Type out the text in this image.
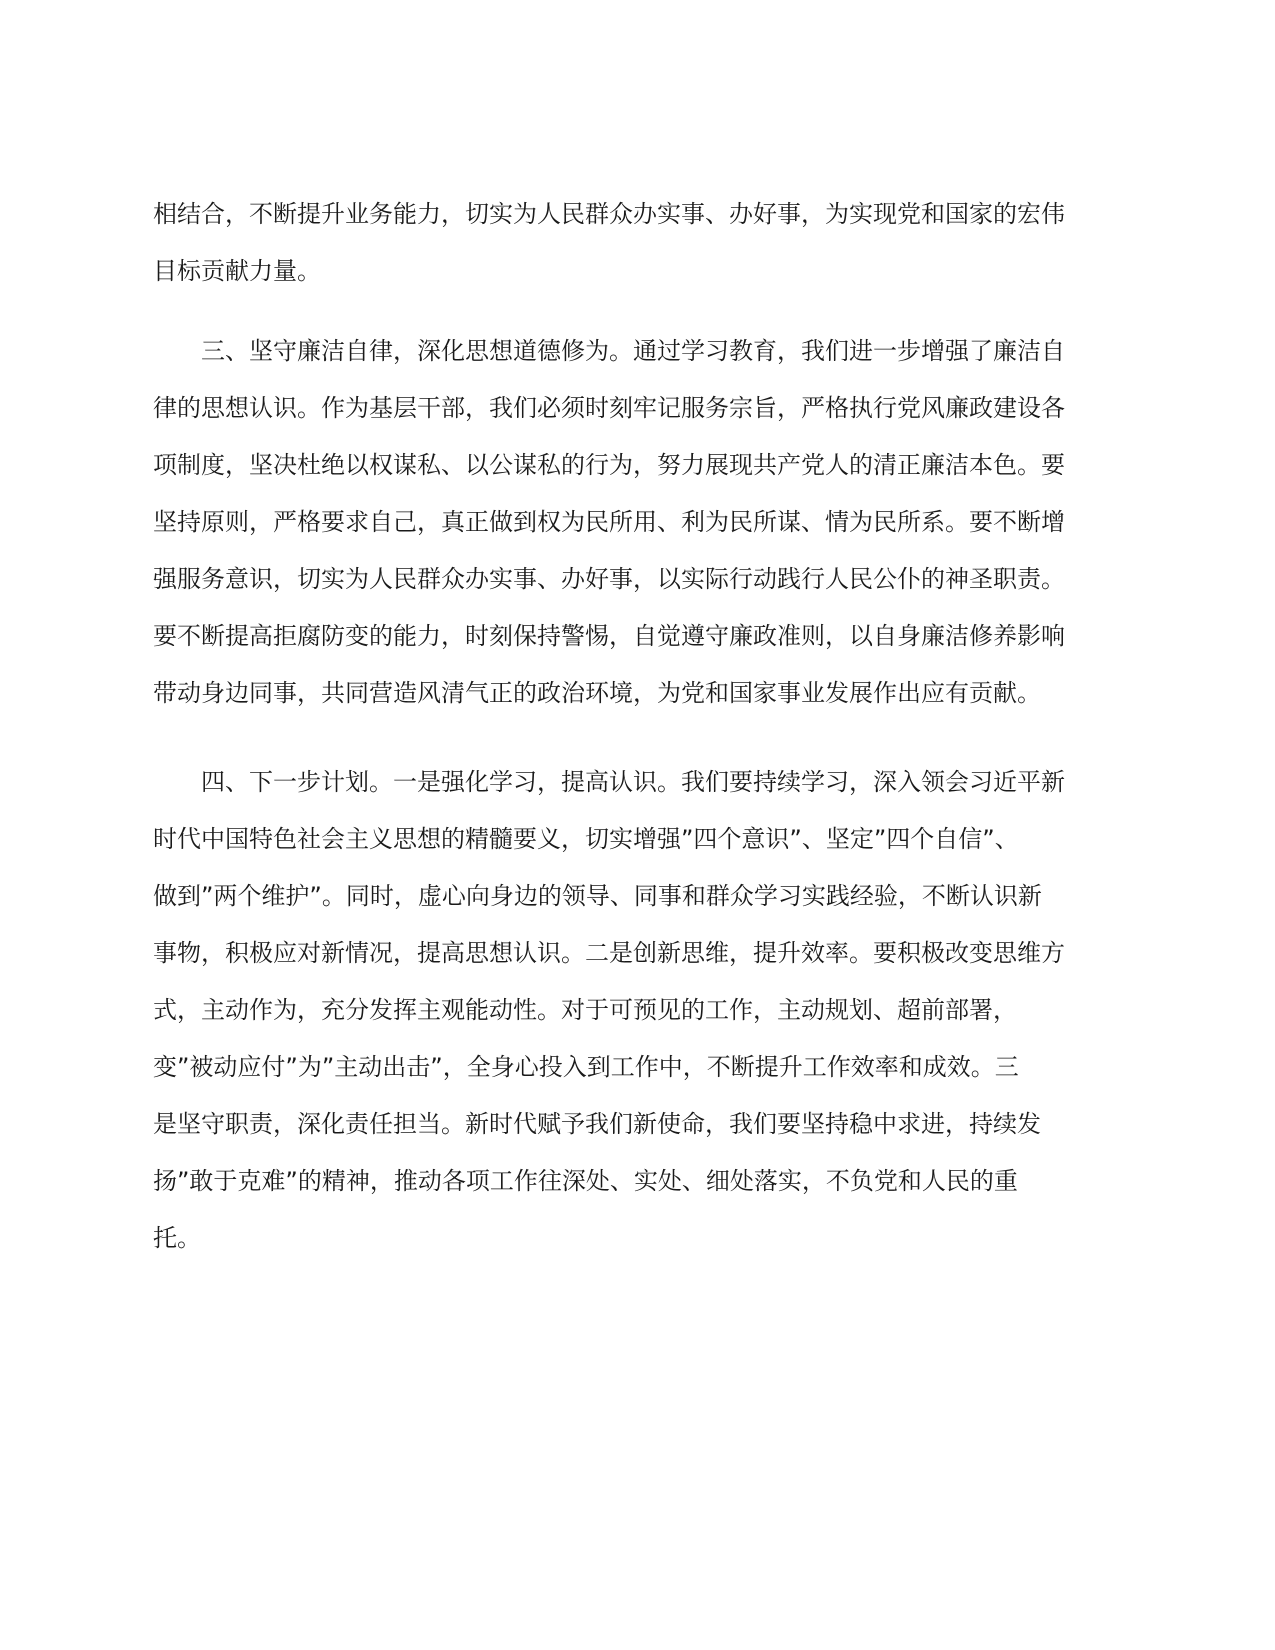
相结合，不断提升业务能力，切实为人民群众办实事、办好事，为实现党和国家的宏伟
目标贡献力量。
三、坚守廉洁自律，深化思想道德修为。通过学习教育，我们进一步增强了廉洁自
律的思想认识。作为基层干部，我们必须时刻牢记服务宗旨，严格执行党风廉政建设各
项制度，坚决杜绝以权谋私、以公谋私的行为，努力展现共产党人的清正廉洁本色。要
坚持原则，严格要求自己，真正做到权为民所用、利为民所谋、情为民所系。要不断增
强服务意识，切实为人民群众办实事、办好事，以实际行动践行人民公仆的神圣职责。
要不断提高拒腐防变的能力，时刻保持警惕，自觉遵守廉政准则，以自身廉洁修养影响
带动身边同事，共同营造风清气正的政治环境，为党和国家事业发展作出应有贡献。
四、下一步计划。一是强化学习，提高认识。我们要持续学习，深入领会习近平新
时代中国特色社会主义思想的精髓要义，切实增强”四个意识”、坚定”四个自信”、
做到”两个维护”。同时，虚心向身边的领导、同事和群众学习实践经验，不断认识新
事物，积极应对新情况，提高思想认识。二是创新思维，提升效率。要积极改变思维方
式，主动作为，充分发挥主观能动性。对于可预见的工作，主动规划、超前部署，
变”被动应付”为”主动出击”，全身心投入到工作中，不断提升工作效率和成效。三
是坚守职责，深化责任担当。新时代赋予我们新使命，我们要坚持稳中求进，持续发
扬”敢于克难”的精神，推动各项工作往深处、实处、细处落实，不负党和人民的重
托。
